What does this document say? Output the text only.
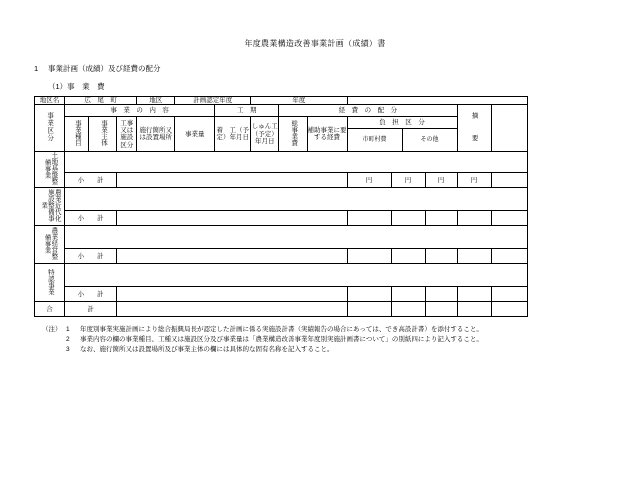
年度農業構造改善事業計画（成績）書
1 事業計画（成績）及び経費の配分
（1）事　業　費
地区名	広　尾　町			地区	計画認定年度		年度							
事業区分	事　業　の　内　容					工　期		経　費　の　配　分					摘　　要	
	事業種目	事業主体	工事又は施設区分	施行箇所又は設置場所	事業量	着　工（予定）年月日	しゅん工（予定）年月日	総事業費	補助事業に要する経費	負　担　区　分
市町村費 その他				

土地基盤整備事業														
	小　　計									円	円	円	円	
農業近代化施設整備事業														
	小　　計													
農業経営整備事業														
	小　　計													
特認事業														
	小　　計													
合	計													
（注） 1	年度別事業実施計画により総合振興局長が認定した計画に係る実施設計書（実績報告の場合にあっては、でき高設計書）を添付すること。
2	事業内容の欄の事業種目、工種又は施設区分及び事業量は「農業構造改善事業年度別実施計画書について」の別紙四により記入すること。
3	なお、施行箇所又は設置場所及び事業主体の欄には具体的な固有名称を記入すること。
